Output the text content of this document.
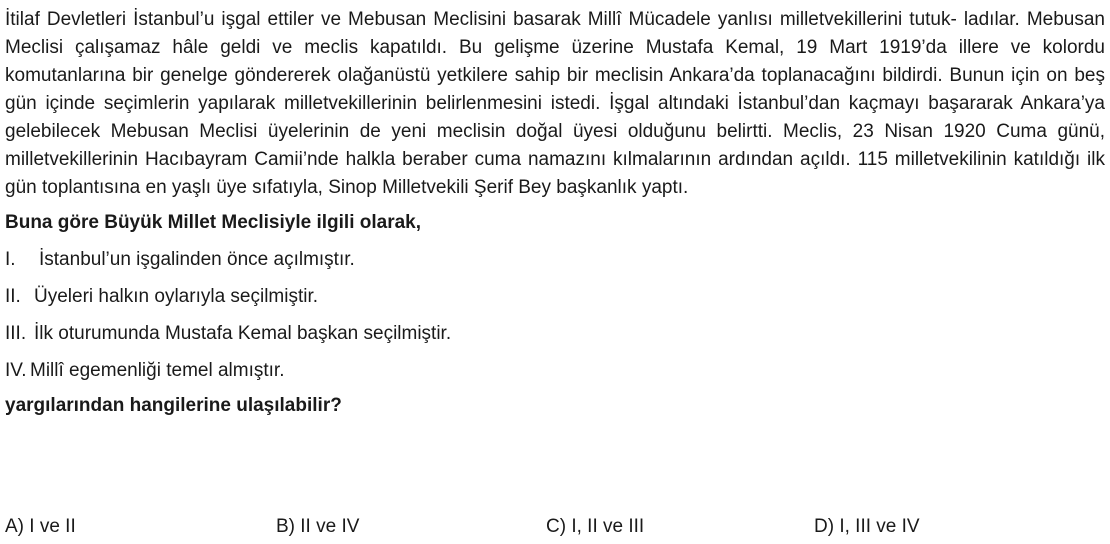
İtilaf Devletleri İstanbul’u işgal ettiler ve Mebusan Meclisini basarak Millî Mücadele yanlısı milletvekillerini tutuk- ladılar. Mebusan Meclisi çalışamaz hâle geldi ve meclis kapatıldı. Bu gelişme üzerine Mustafa Kemal, 19 Mart 1919’da illere ve kolordu komutanlarına bir genelge göndererek olağanüstü yetkilere sahip bir meclisin Ankara’da toplanacağını bildirdi. Bunun için on beş gün içinde seçimlerin yapılarak milletvekillerinin belirlenmesini istedi. İşgal altındaki İstanbul’dan kaçmayı başararak Ankara’ya gelebilecek Mebusan Meclisi üyelerinin de yeni meclisin doğal üyesi olduğunu belirtti. Meclis, 23 Nisan 1920 Cuma günü, milletvekillerinin Hacıbayram Camii’nde halkla beraber cuma namazını kılmalarının ardından açıldı. 115 milletvekilinin katıldığı ilk gün toplantısına en yaşlı üye sıfatıyla, Sinop Milletvekili Şerif Bey başkanlık yaptı.

Buna göre Büyük Millet Meclisiyle ilgili olarak,

I.	İstanbul’un işgalinden önce açılmıştır.
II. Üyeleri halkın oylarıyla seçilmiştir.
III. İlk oturumunda Mustafa Kemal başkan seçilmiştir.
IV. Millî egemenliği temel almıştır.

yargılarından hangilerine ulaşılabilir?

A) I ve II	B) II ve IV	C) I, II ve III	D) I, III ve IV
